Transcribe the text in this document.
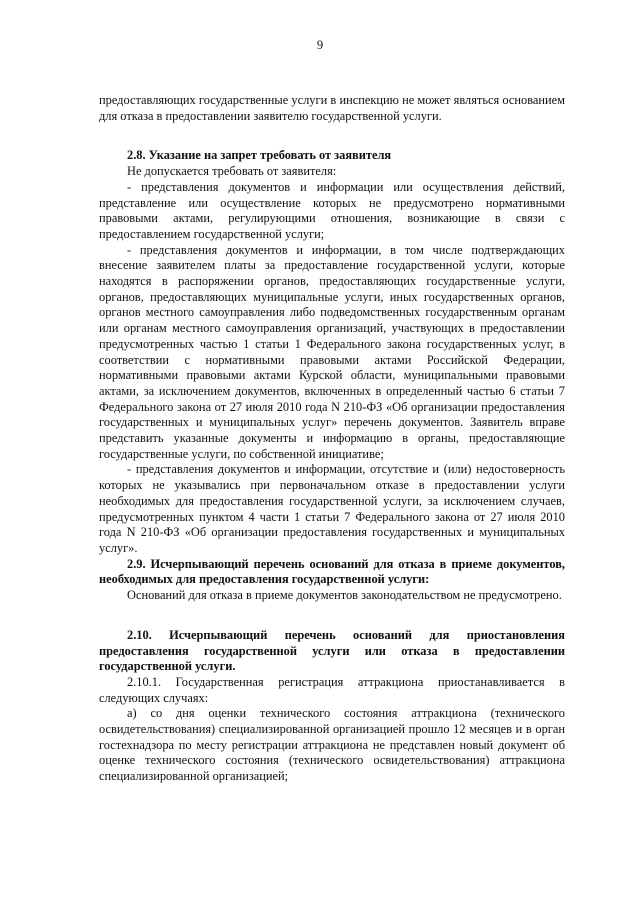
9

предоставляющих государственные услуги в инспекцию не может являться основанием для отказа в предоставлении заявителю государственной услуги.

2.8. Указание на запрет требовать от заявителя

Не допускается требовать от заявителя:

- представления документов и информации или осуществления действий, представление или осуществление которых не предусмотрено нормативными правовыми актами, регулирующими отношения, возникающие в связи с предоставлением государственной услуги;

- представления документов и информации, в том числе подтверждающих внесение заявителем платы за предоставление государственной услуги, которые находятся в распоряжении органов, предоставляющих государственные услуги, органов, предоставляющих муниципальные услуги, иных государственных органов, органов местного самоуправления либо подведомственных государственным органам или органам местного самоуправления организаций, участвующих в предоставлении предусмотренных частью 1 статьи 1 Федерального закона государственных услуг, в соответствии с нормативными правовыми актами Российской Федерации, нормативными правовыми актами Курской области, муниципальными правовыми актами, за исключением документов, включенных в определенный частью 6 статьи 7 Федерального закона от 27 июля 2010 года N 210-ФЗ «Об организации предоставления государственных и муниципальных услуг» перечень документов. Заявитель вправе представить указанные документы и информацию в органы, предоставляющие государственные услуги, по собственной инициативе;

- представления документов и информации, отсутствие и (или) недостоверность которых не указывались при первоначальном отказе в предоставлении услуги необходимых для предоставления государственной услуги, за исключением случаев, предусмотренных пунктом 4 части 1 статьи 7 Федерального закона от 27 июля 2010 года N 210-ФЗ «Об организации предоставления государственных и муниципальных услуг».

2.9. Исчерпывающий перечень оснований для отказа в приеме документов, необходимых для предоставления государственной услуги:

Оснований для отказа в приеме документов законодательством не предусмотрено.

2.10. Исчерпывающий перечень оснований для приостановления предоставления государственной услуги или отказа в предоставлении государственной услуги.

2.10.1. Государственная регистрация аттракциона приостанавливается в следующих случаях:

а) со дня оценки технического состояния аттракциона (технического освидетельствования) специализированной организацией прошло 12 месяцев и в орган гостехнадзора по месту регистрации аттракциона не представлен новый документ об оценке технического состояния (технического освидетельствования) аттракциона специализированной организацией;
